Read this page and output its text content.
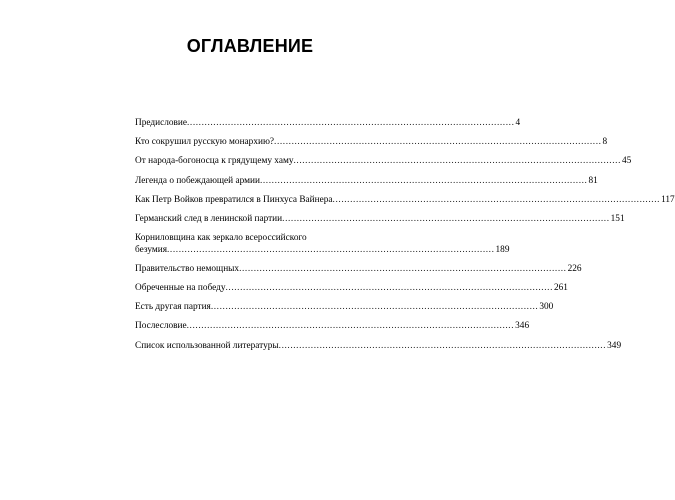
ОГЛАВЛЕНИЕ
Предисловие ................................................................................................................ 4
Кто сокрушил русскую монархию? ................................................................................................................ 8
От народа-богоносца к грядущему хаму ................................................................................................................ 45
Легенда о побеждающей армии ................................................................................................................ 81
Как Петр Войков превратился в Пинхуса Вайнера ................................................................................................................ 117
Германский след в ленинской партии ................................................................................................................ 151
Корниловщина как зеркало всероссийского
безумия ................................................................................................................ 189
Правительство немощных ................................................................................................................ 226
Обреченные на победу ................................................................................................................ 261
Есть другая партия ................................................................................................................ 300
Послесловие ................................................................................................................ 346
Список использованной литературы ................................................................................................................ 349
